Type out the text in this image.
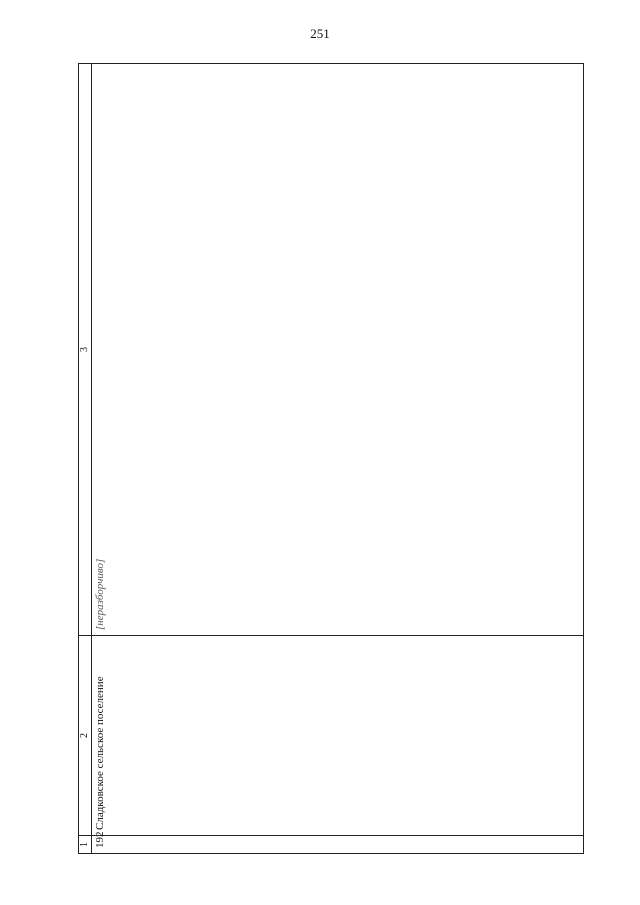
251
1	2	3
192	Сладковское сельское поселение	[неразборчиво]
